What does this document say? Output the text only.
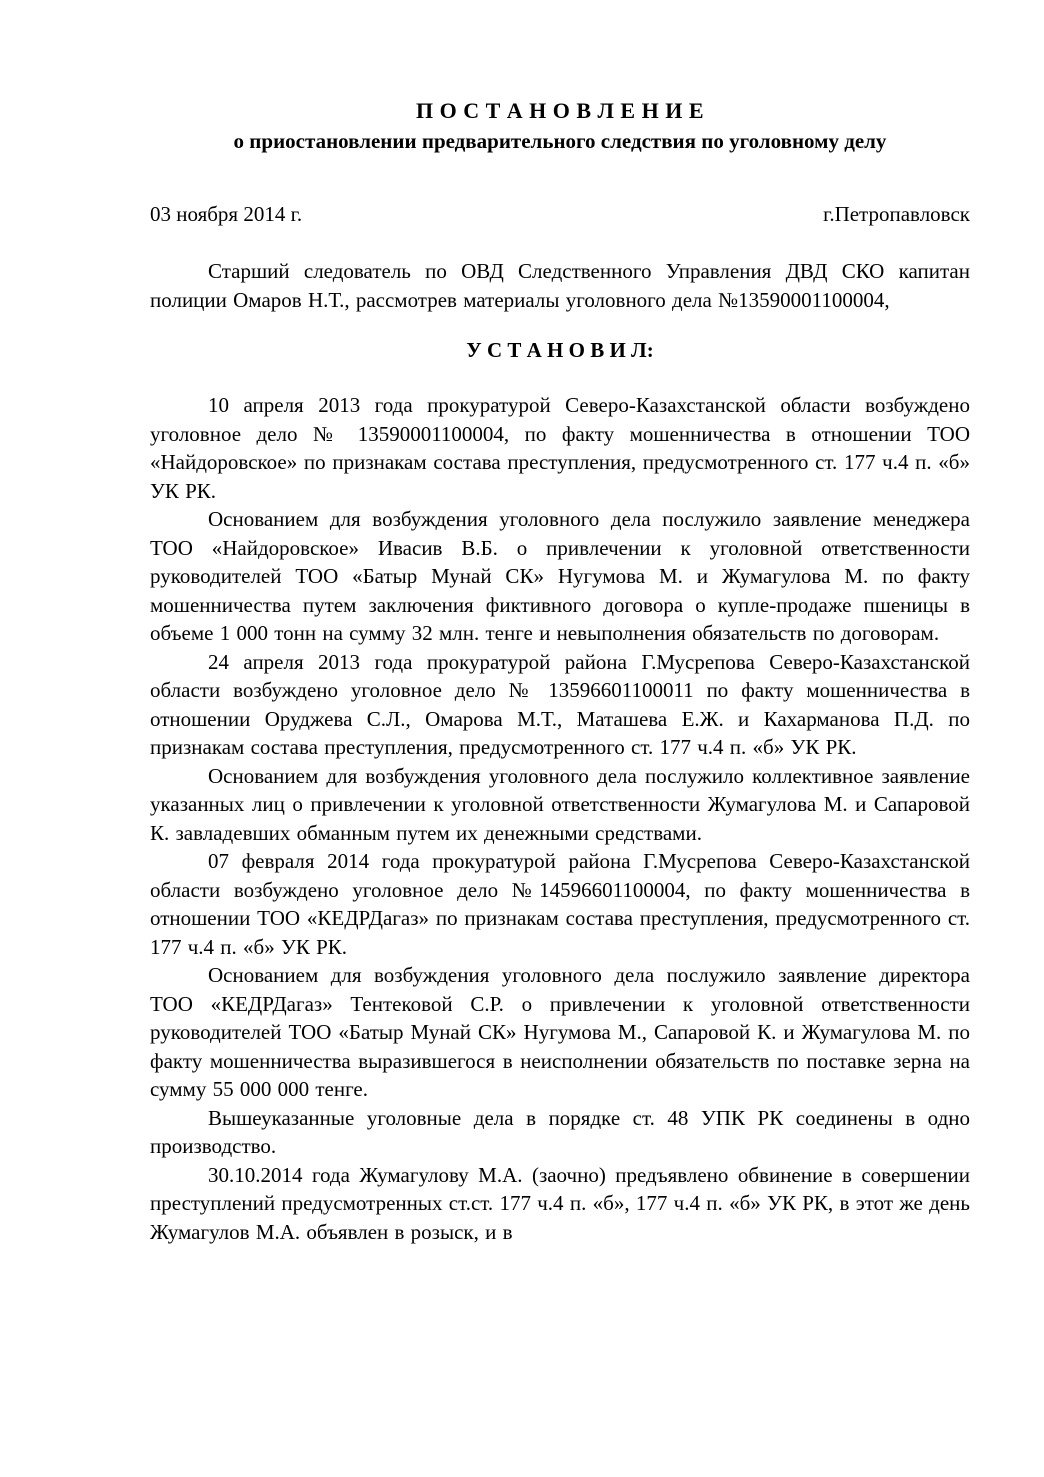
П О С Т А Н О В Л Е Н И Е
о приостановлении предварительного следствия по уголовному делу
03 ноября 2014 г.	г.Петропавловск

Старший следователь по ОВД Следственного Управления ДВД СКО капитан полиции Омаров Н.Т., рассмотрев материалы уголовного дела №13590001100004,

У С Т А Н О В И Л:

10 апреля 2013 года прокуратурой Северо-Казахстанской области возбуждено уголовное дело № 13590001100004, по факту мошенничества в отношении ТОО «Найдоровское» по признакам состава преступления, предусмотренного ст. 177 ч.4 п. «б» УК РК.

Основанием для возбуждения уголовного дела послужило заявление менеджера ТОО «Найдоровское» Ивасив В.Б. о привлечении к уголовной ответственности руководителей ТОО «Батыр Мунай СК» Нугумова М. и Жумагулова М. по факту мошенничества путем заключения фиктивного договора о купле-продаже пшеницы в объеме 1 000 тонн на сумму 32 млн. тенге и невыполнения обязательств по договорам.

24 апреля 2013 года прокуратурой района Г.Мусрепова Северо-Казахстанской области возбуждено уголовное дело № 13596601100011 по факту мошенничества в отношении Оруджева С.Л., Омарова М.Т., Маташева Е.Ж. и Кахарманова П.Д. по признакам состава преступления, предусмотренного ст. 177 ч.4 п. «б» УК РК.

Основанием для возбуждения уголовного дела послужило коллективное заявление указанных лиц о привлечении к уголовной ответственности Жумагулова М. и Сапаровой К. завладевших обманным путем их денежными средствами.

07 февраля 2014 года прокуратурой района Г.Мусрепова Северо-Казахстанской области возбуждено уголовное дело №14596601100004, по факту мошенничества в отношении ТОО «КЕДРДагаз» по признакам состава преступления, предусмотренного ст. 177 ч.4 п. «б» УК РК.

Основанием для возбуждения уголовного дела послужило заявление директора ТОО «КЕДРДагаз» Тентековой С.Р. о привлечении к уголовной ответственности руководителей ТОО «Батыр Мунай СК» Нугумова М., Сапаровой К. и Жумагулова М. по факту мошенничества выразившегося в неисполнении обязательств по поставке зерна на сумму 55 000 000 тенге.

Вышеуказанные уголовные дела в порядке ст. 48 УПК РК соединены в одно производство.

30.10.2014 года Жумагулову М.А. (заочно) предъявлено обвинение в совершении преступлений предусмотренных ст.ст. 177 ч.4 п. «б», 177 ч.4 п. «б» УК РК, в этот же день Жумагулов М.А. объявлен в розыск, и в
